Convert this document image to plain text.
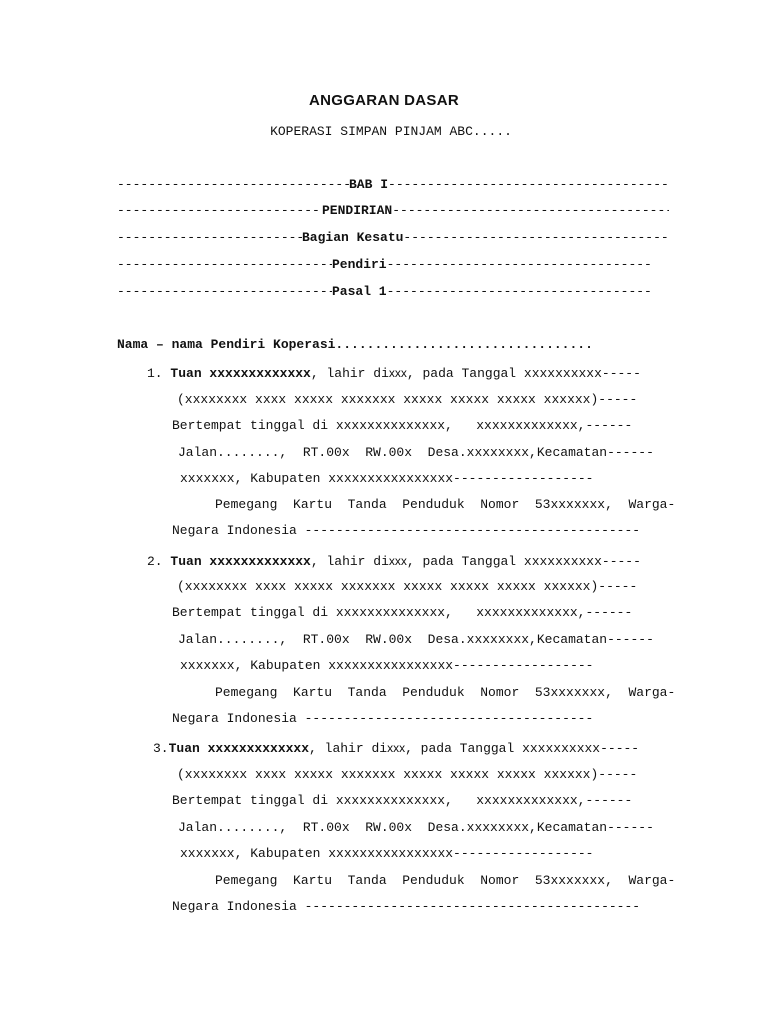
ANGGARAN DASAR
KOPERASI SIMPAN PINJAM ABC.....
-----
BAB I
-----
-----
PENDIRIAN
-----
-----
Bagian Kesatu
-----
-----
Pendiri
-----
-----
Pasal 1
-----
Nama – nama Pendiri Koperasi.................................
1. Tuan xxxxxxxxxxxxx, lahir dixxx, pada Tanggal xxxxxxxxxx-----
(xxxxxxxx xxxx xxxxx xxxxxxx xxxxx xxxxx xxxxx xxxxxx)-----
Bertempat tinggal di xxxxxxxxxxxxxx,   xxxxxxxxxxxxx,------
Jalan........,  RT.00x  RW.00x  Desa.xxxxxxxx,Kecamatan------
xxxxxxx, Kabupaten xxxxxxxxxxxxxxxx------------------
Pemegang  Kartu  Tanda  Penduduk  Nomor  53xxxxxxx,  Warga-
Negara Indonesia -------------------------------------------
2. Tuan xxxxxxxxxxxxx, lahir dixxx, pada Tanggal xxxxxxxxxx-----
(xxxxxxxx xxxx xxxxx xxxxxxx xxxxx xxxxx xxxxx xxxxxx)-----
Bertempat tinggal di xxxxxxxxxxxxxx,   xxxxxxxxxxxxx,------
Jalan........,  RT.00x  RW.00x  Desa.xxxxxxxx,Kecamatan------
xxxxxxx, Kabupaten xxxxxxxxxxxxxxxx------------------
Pemegang  Kartu  Tanda  Penduduk  Nomor  53xxxxxxx,  Warga-
Negara Indonesia -------------------------------------
3.Tuan xxxxxxxxxxxxx, lahir dixxx, pada Tanggal xxxxxxxxxx-----
(xxxxxxxx xxxx xxxxx xxxxxxx xxxxx xxxxx xxxxx xxxxxx)-----
Bertempat tinggal di xxxxxxxxxxxxxx,   xxxxxxxxxxxxx,------
Jalan........,  RT.00x  RW.00x  Desa.xxxxxxxx,Kecamatan------
xxxxxxx, Kabupaten xxxxxxxxxxxxxxxx------------------
Pemegang  Kartu  Tanda  Penduduk  Nomor  53xxxxxxx,  Warga-
Negara Indonesia -------------------------------------------
